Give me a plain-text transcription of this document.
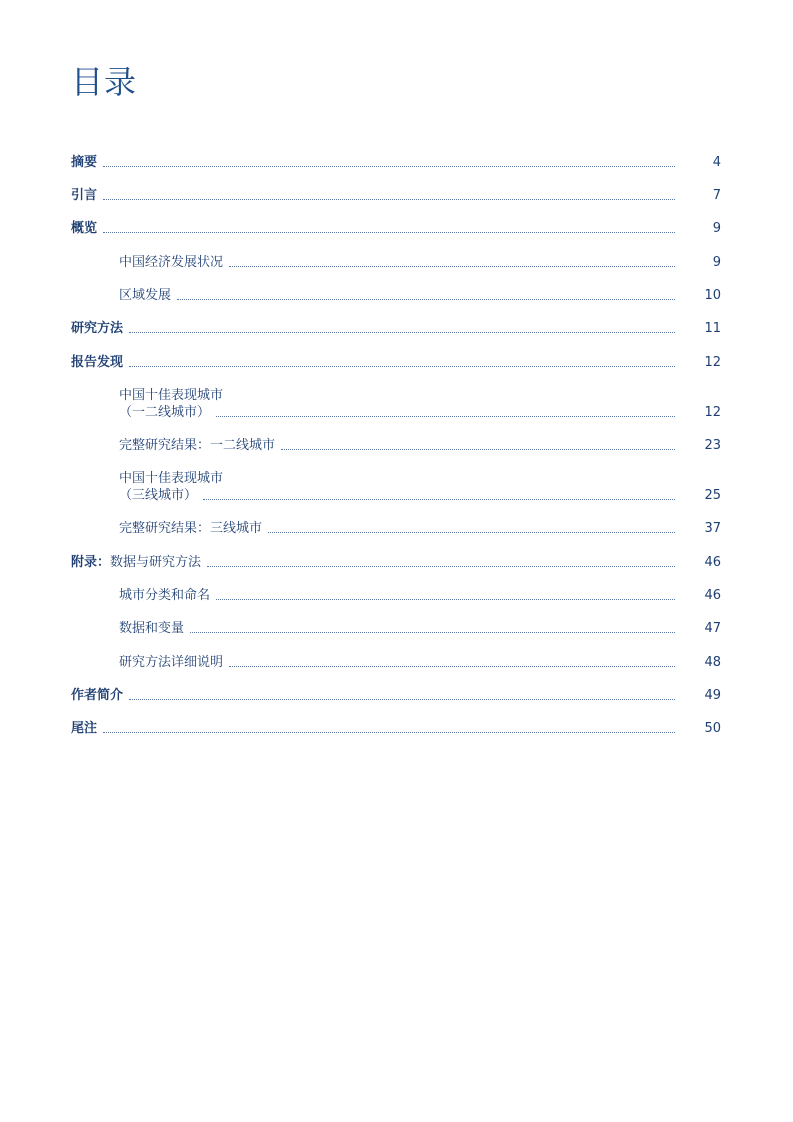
目录
摘要	4
引言	7
概览	9
中国经济发展状况	9
区域发展	10
研究方法	11
报告发现	12
中国十佳表现城市
（一二线城市）	12
完整研究结果：一二线城市	23
中国十佳表现城市
（三线城市）	25
完整研究结果：三线城市	37
附录：数据与研究方法	46
城市分类和命名	46
数据和变量	47
研究方法详细说明	48
作者简介	49
尾注	50
